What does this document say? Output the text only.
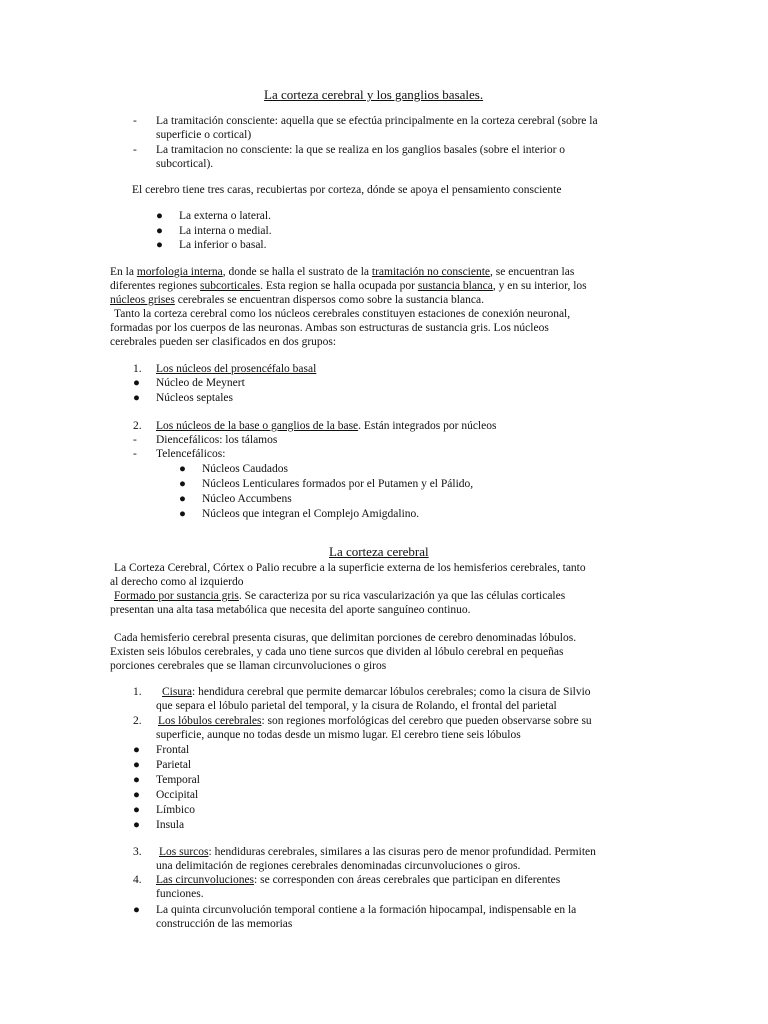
La corteza cerebral y los ganglios basales.
- La tramitación consciente: aquella que se efectúa principalmente en la corteza cerebral (sobre la
superficie o cortical)
- La tramitacion no consciente: la que se realiza en los ganglios basales (sobre el interior o
subcortical).
El cerebro tiene tres caras, recubiertas por corteza, dónde se apoya el pensamiento consciente
● La externa o lateral.
● La interna o medial.
● La inferior o basal.
En la morfologia interna, donde se halla el sustrato de la tramitación no consciente, se encuentran las
diferentes regiones subcorticales. Esta region se halla ocupada por sustancia blanca, y en su interior, los
núcleos grises cerebrales se encuentran dispersos como sobre la sustancia blanca.
Tanto la corteza cerebral como los núcleos cerebrales constituyen estaciones de conexión neuronal,
formadas por los cuerpos de las neuronas. Ambas son estructuras de sustancia gris. Los núcleos
cerebrales pueden ser clasificados en dos grupos:
1. Los núcleos del prosencéfalo basal
● Núcleo de Meynert
● Núcleos septales
2. Los núcleos de la base o ganglios de la base. Están integrados por núcleos
- Diencefálicos: los tálamos
- Telencefálicos:
● Núcleos Caudados
● Núcleos Lenticulares formados por el Putamen y el Pálido,
● Núcleo Accumbens
● Núcleos que integran el Complejo Amigdalino.
La corteza cerebral
La Corteza Cerebral, Córtex o Palio recubre a la superficie externa de los hemisferios cerebrales, tanto
al derecho como al izquierdo
Formado por sustancia gris. Se caracteriza por su rica vascularización ya que las células corticales
presentan una alta tasa metabólica que necesita del aporte sanguíneo continuo.
Cada hemisferio cerebral presenta cisuras, que delimitan porciones de cerebro denominadas lóbulos.
Existen seis lóbulos cerebrales, y cada uno tiene surcos que dividen al lóbulo cerebral en pequeñas
porciones cerebrales que se llaman circunvoluciones o giros
1. Cisura: hendidura cerebral que permite demarcar lóbulos cerebrales; como la cisura de Silvio
que separa el lóbulo parietal del temporal, y la cisura de Rolando, el frontal del parietal
2. Los lóbulos cerebrales: son regiones morfológicas del cerebro que pueden observarse sobre su
superficie, aunque no todas desde un mismo lugar. El cerebro tiene seis lóbulos
● Frontal
● Parietal
● Temporal
● Occipital
● Límbico
● Insula
3. Los surcos: hendiduras cerebrales, similares a las cisuras pero de menor profundidad. Permiten
una delimitación de regiones cerebrales denominadas circunvoluciones o giros.
4. Las circunvoluciones: se corresponden con áreas cerebrales que participan en diferentes
funciones.
● La quinta circunvolución temporal contiene a la formación hipocampal, indispensable en la
construcción de las memorias
